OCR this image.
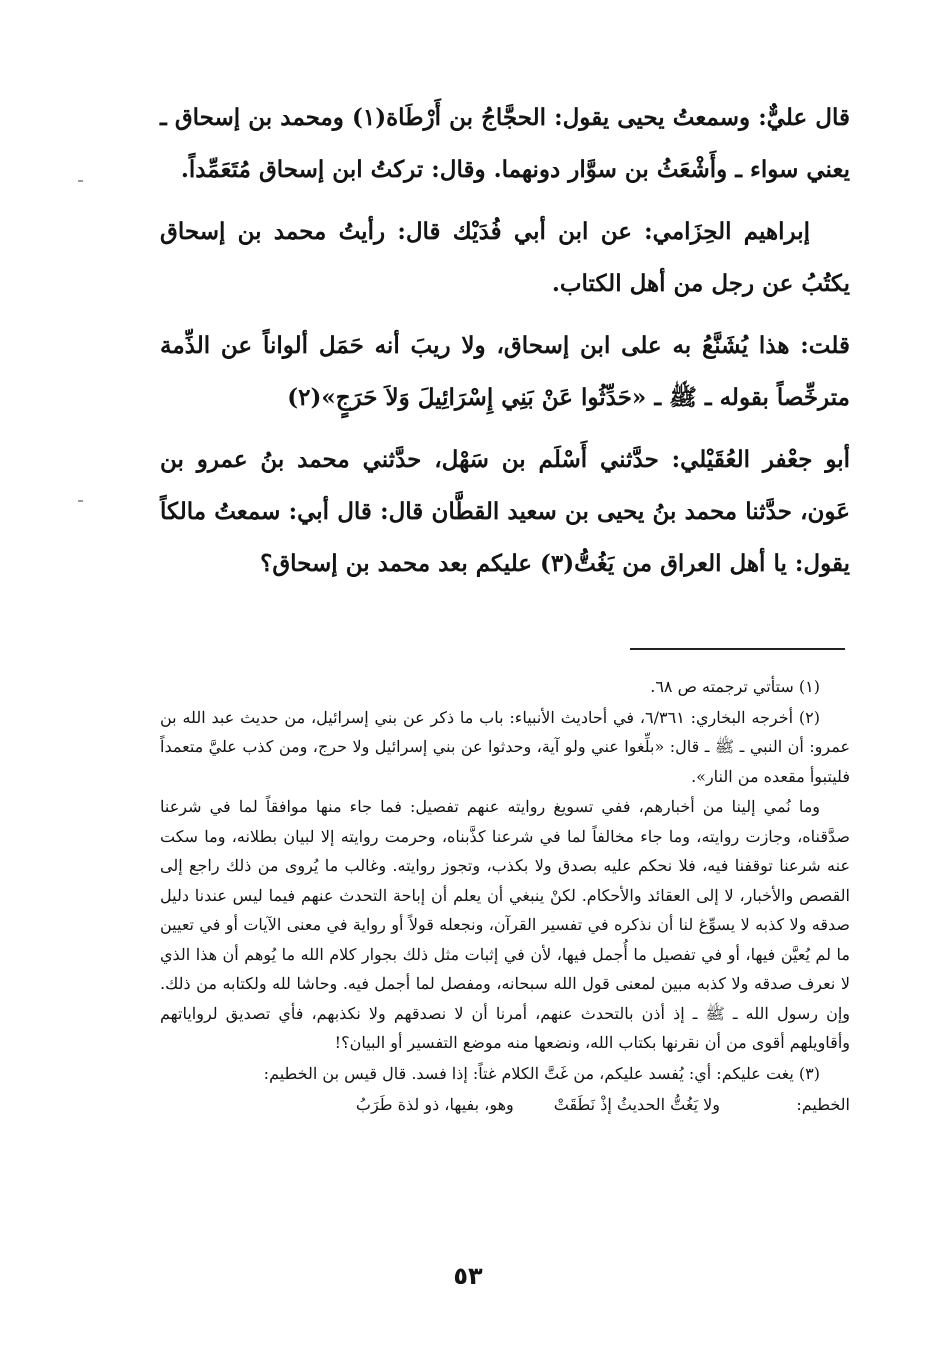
قال عليٌّ: وسمعتُ يحيى يقول: الحجَّاجُ بن أَرْطَاة(١) ومحمد بن إسحاق ـ يعني سواء ـ وأَشْعَثُ بن سوَّار دونهما. وقال: تركتُ ابن إسحاق مُتَعَمِّداً.

إبراهيم الحِزَامي: عن ابن أبي فُدَيْك قال: رأيتُ محمد بن إسحاق يكتُبُ عن رجل من أهل الكتاب.

قلت: هذا يُشَنَّعُ به على ابن إسحاق، ولا ريبَ أنه حَمَل ألواناً عن الذِّمة مترخِّصاً بقوله ـ ﷺ ـ «حَدِّثُوا عَنْ بَنِي إِسْرَائِيلَ وَلاَ حَرَجٍ»(٢)

أبو جعْفر العُقَيْلي: حدَّثني أَسْلَم بن سَهْل، حدَّثني محمد بنُ عمرو بن عَون، حدَّثنا محمد بنُ يحيى بن سعيد القطَّان قال: قال أبي: سمعتُ مالكاً يقول: يا أهل العراق من يَغُتُّ(٣) عليكم بعد محمد بن إسحاق؟

(١) ستأتي ترجمته ص ٦٨.

(٢) أخرجه البخاري: ٦/٣٦١، في أحاديث الأنبياء: باب ما ذكر عن بني إسرائيل، من حديث عبد الله بن عمرو: أن النبي ـ ﷺ ـ قال: «بلِّغوا عني ولو آية، وحدثوا عن بني إسرائيل ولا حرج، ومن كذب عليَّ متعمداً فليتبوأ مقعده من النار».

وما نُمي إلينا من أخبارهم، ففي تسويغ روايته عنهم تفصيل: فما جاء منها موافقاً لما في شرعنا صدَّقناه، وجازت روايته، وما جاء مخالفاً لما في شرعنا كذَّبناه، وحرمت روايته إلا لبيان بطلانه، وما سكت عنه شرعنا توقفنا فيه، فلا نحكم عليه بصدق ولا بكذب، وتجوز روايته. وغالب ما يُروى من ذلك راجع إلى القصص والأخبار، لا إلى العقائد والأحكام. لكنْ ينبغي أن يعلم أن إباحة التحدث عنهم فيما ليس عندنا دليل صدقه ولا كذبه لا يسوِّغ لنا أن نذكره في تفسير القرآن، ونجعله قولاً أو رواية في معنى الآيات أو في تعيين ما لم يُعيَّن فيها، أو في تفصيل ما أُجمل فيها، لأن في إثبات مثل ذلك بجوار كلام الله ما يُوهم أن هذا الذي لا نعرف صدقه ولا كذبه مبين لمعنى قول الله سبحانه، ومفصل لما أجمل فيه. وحاشا لله ولكتابه من ذلك. وإن رسول الله ـ ﷺ ـ إذ أذن بالتحدث عنهم، أمرنا أن لا نصدقهم ولا نكذبهم، فأي تصديق لرواياتهم وأقاويلهم أقوى من أن نقرنها بكتاب الله، ونضعها منه موضع التفسير أو البيان؟!

(٣) يغت عليكم: أي: يُفسد عليكم، من غَتَّ الكلام غتاً: إذا فسد. قال قيس بن الخطيم:

الخطيم:
ولا يَغُتُّ الحديثُ إذْ نَطَقَتْ
وهو، بفيها، ذو لذة طَرَبُ
٥٣
